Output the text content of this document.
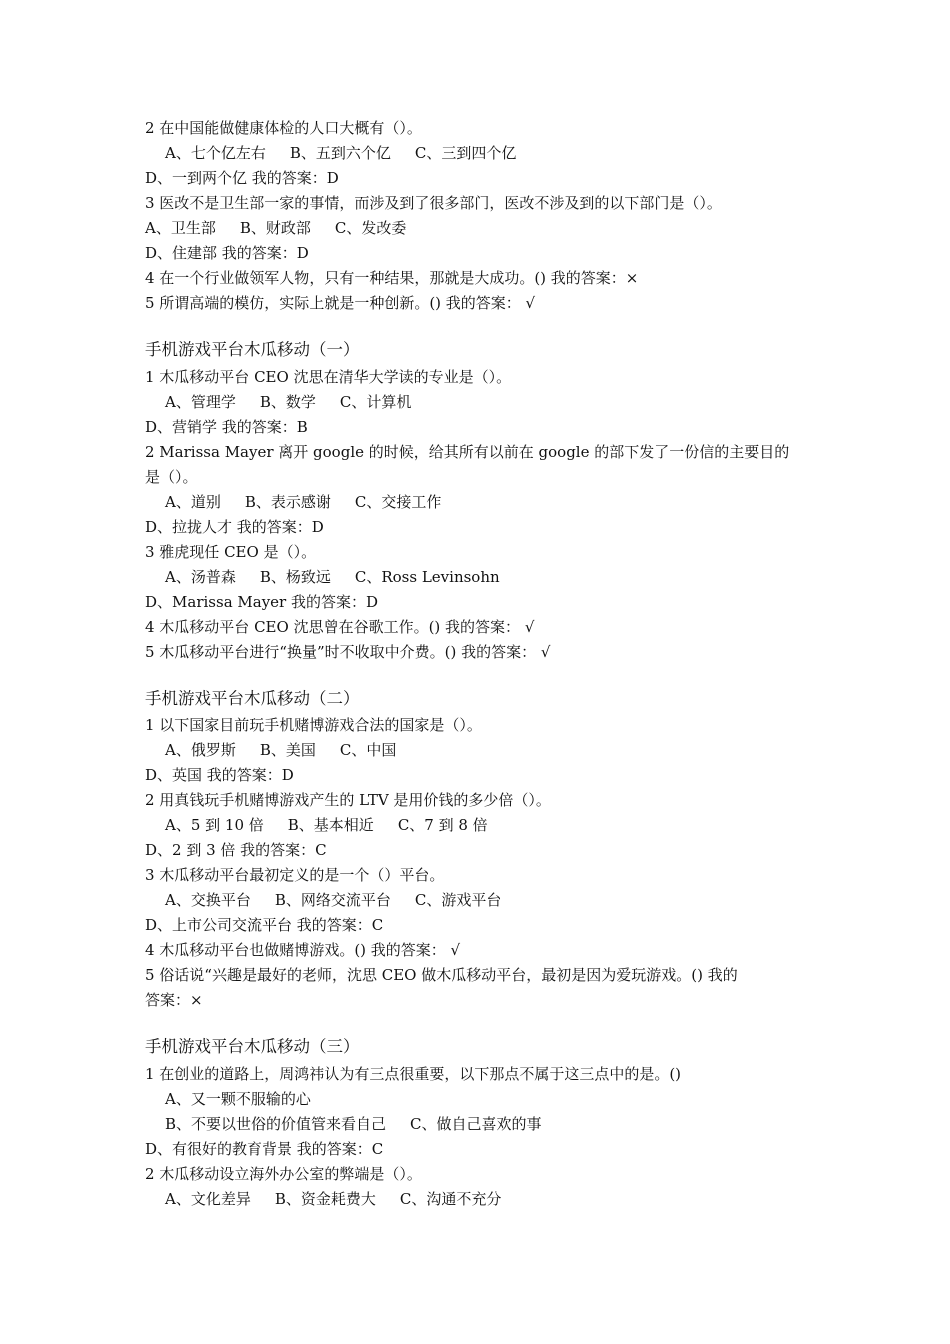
2 在中国能做健康体检的人口大概有（）。
A、七个亿左右 B、五到六个亿 C、三到四个亿
D、一到两个亿 我的答案：D
3 医改不是卫生部一家的事情，而涉及到了很多部门，医改不涉及到的以下部门是（）。
A、卫生部 B、财政部 C、发改委
D、住建部 我的答案：D
4 在一个行业做领军人物，只有一种结果，那就是大成功。() 我的答案：×
5 所谓高端的模仿，实际上就是一种创新。() 我的答案： √
手机游戏平台木瓜移动（一）
1 木瓜移动平台 CEO 沈思在清华大学读的专业是（）。
A、管理学 B、数学 C、计算机
D、营销学 我的答案：B
2 Marissa Mayer 离开 google 的时候，给其所有以前在 google 的部下发了一份信的主要目的
是（）。
A、道别 B、表示感谢 C、交接工作
D、拉拢人才 我的答案：D
3 雅虎现任 CEO 是（）。
A、汤普森 B、杨致远 C、Ross Levinsohn
D、Marissa Mayer 我的答案：D
4 木瓜移动平台 CEO 沈思曾在谷歌工作。() 我的答案： √
5 木瓜移动平台进行“换量”时不收取中介费。() 我的答案： √
手机游戏平台木瓜移动（二）
1 以下国家目前玩手机赌博游戏合法的国家是（）。
A、俄罗斯 B、美国 C、中国
D、英国 我的答案：D
2 用真钱玩手机赌博游戏产生的 LTV 是用价钱的多少倍（）。
A、5 到 10 倍 B、基本相近 C、7 到 8 倍
D、2 到 3 倍 我的答案：C
3 木瓜移动平台最初定义的是一个（）平台。
A、交换平台 B、网络交流平台 C、游戏平台
D、上市公司交流平台 我的答案：C
4 木瓜移动平台也做赌博游戏。() 我的答案： √
5 俗话说“兴趣是最好的老师，沈思 CEO 做木瓜移动平台，最初是因为爱玩游戏。() 我的
答案：×
手机游戏平台木瓜移动（三）
1 在创业的道路上，周鸿祎认为有三点很重要，以下那点不属于这三点中的是。()
A、又一颗不服输的心
B、不要以世俗的价值管来看自己 C、做自己喜欢的事
D、有很好的教育背景 我的答案：C
2 木瓜移动设立海外办公室的弊端是（）。
A、文化差异 B、资金耗费大 C、沟通不充分
